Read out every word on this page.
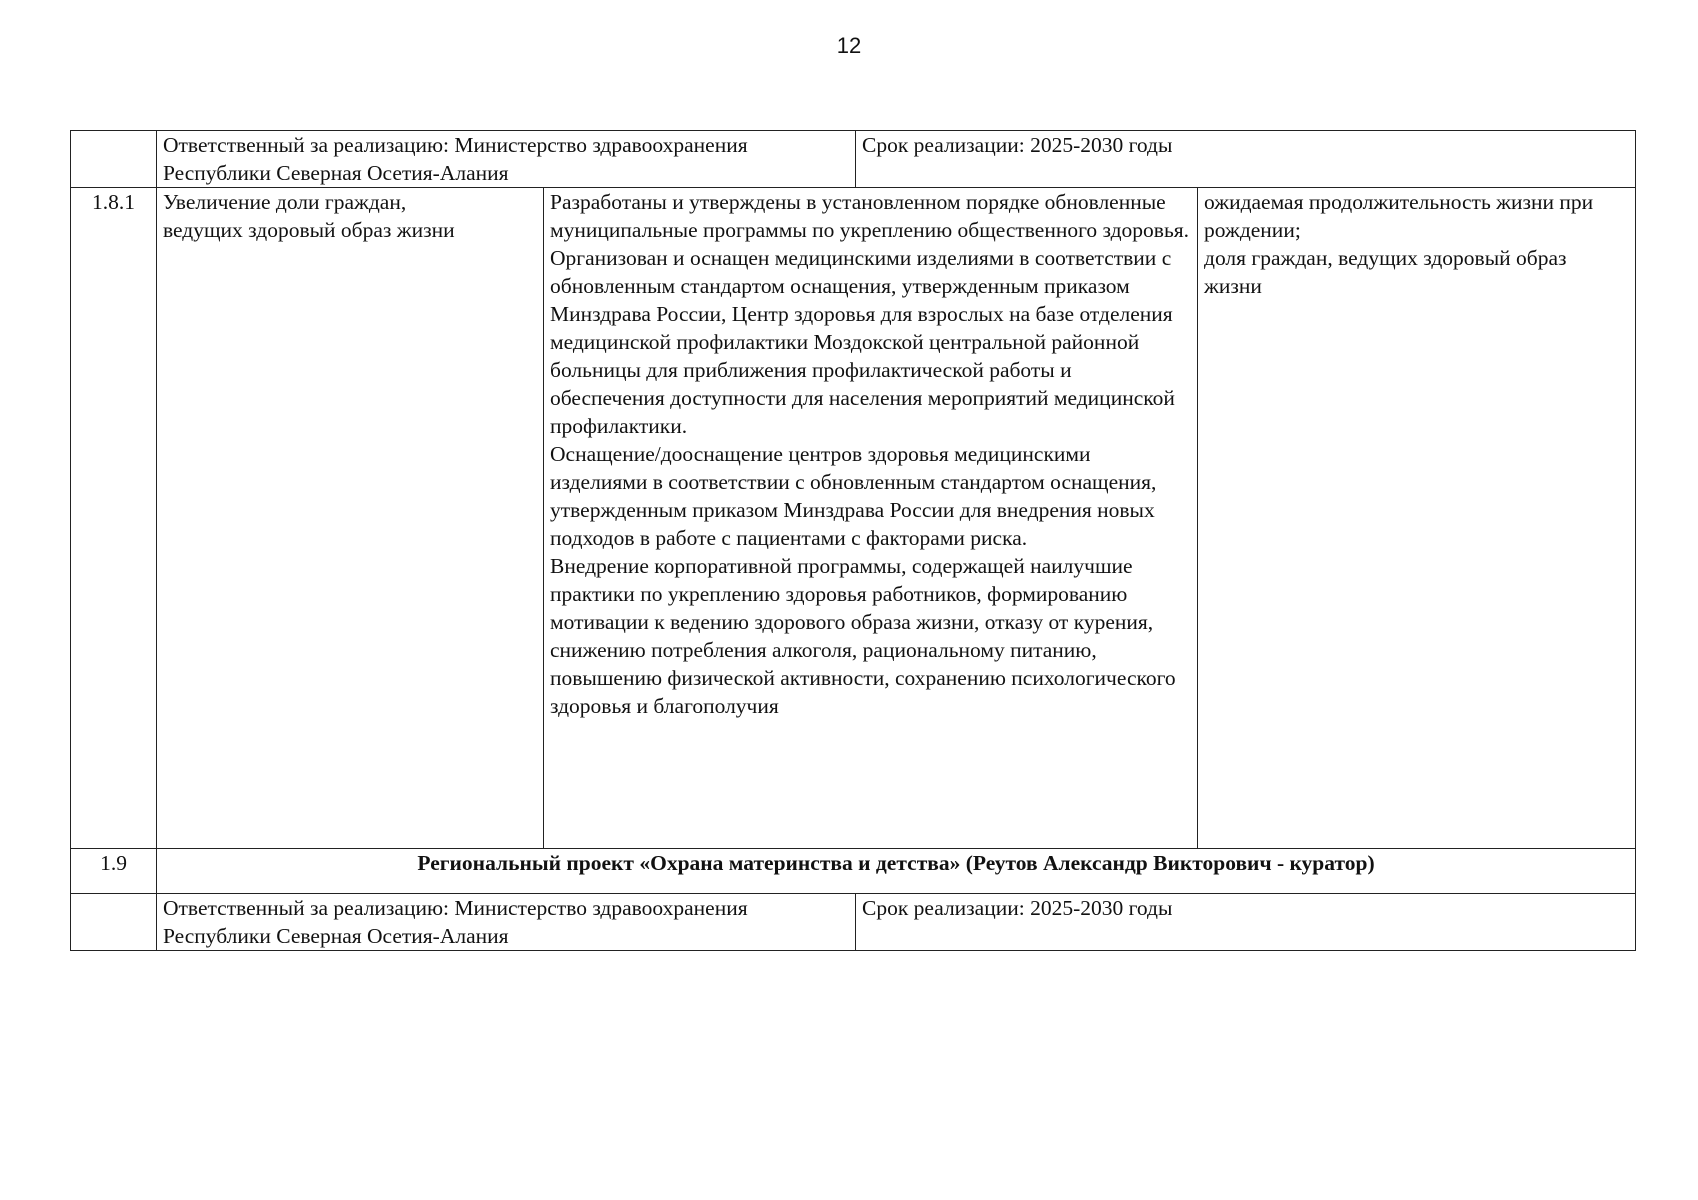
12

	Ответственный за реализацию: Министерство здравоохранения
Республики Северная Осетия-Алания		Срок реализации: 2025-2030 годы	
1.8.1	Увеличение доли граждан,
ведущих здоровый образ жизни	Разработаны и утверждены в установленном порядке обновленные муниципальные программы по укреплению общественного здоровья.
Организован и оснащен медицинскими изделиями в соответствии с обновленным стандартом оснащения, утвержденным приказом Минздрава России, Центр здоровья для взрослых на базе отделения медицинской профилактики Моздокской центральной районной больницы для приближения профилактической работы и обеспечения доступности для населения мероприятий медицинской профилактики.
Оснащение/дооснащение центров здоровья медицинскими изделиями в соответствии с обновленным стандартом оснащения, утвержденным приказом Минздрава России для внедрения новых подходов в работе с пациентами с факторами риска.
Внедрение корпоративной программы, содержащей наилучшие практики по укреплению здоровья работников, формированию мотивации к ведению здорового образа жизни, отказу от курения, снижению потребления алкоголя, рациональному питанию, повышению физической активности, сохранению психологического здоровья и благополучия		ожидаемая продолжительность жизни при рождении;
доля граждан, ведущих здоровый образ жизни

1.9	Региональный проект «Охрана материнства и детства» (Реутов Александр Викторович - куратор)			

	Ответственный за реализацию: Министерство здравоохранения
Республики Северная Осетия-Алания		Срок реализации: 2025-2030 годы	
